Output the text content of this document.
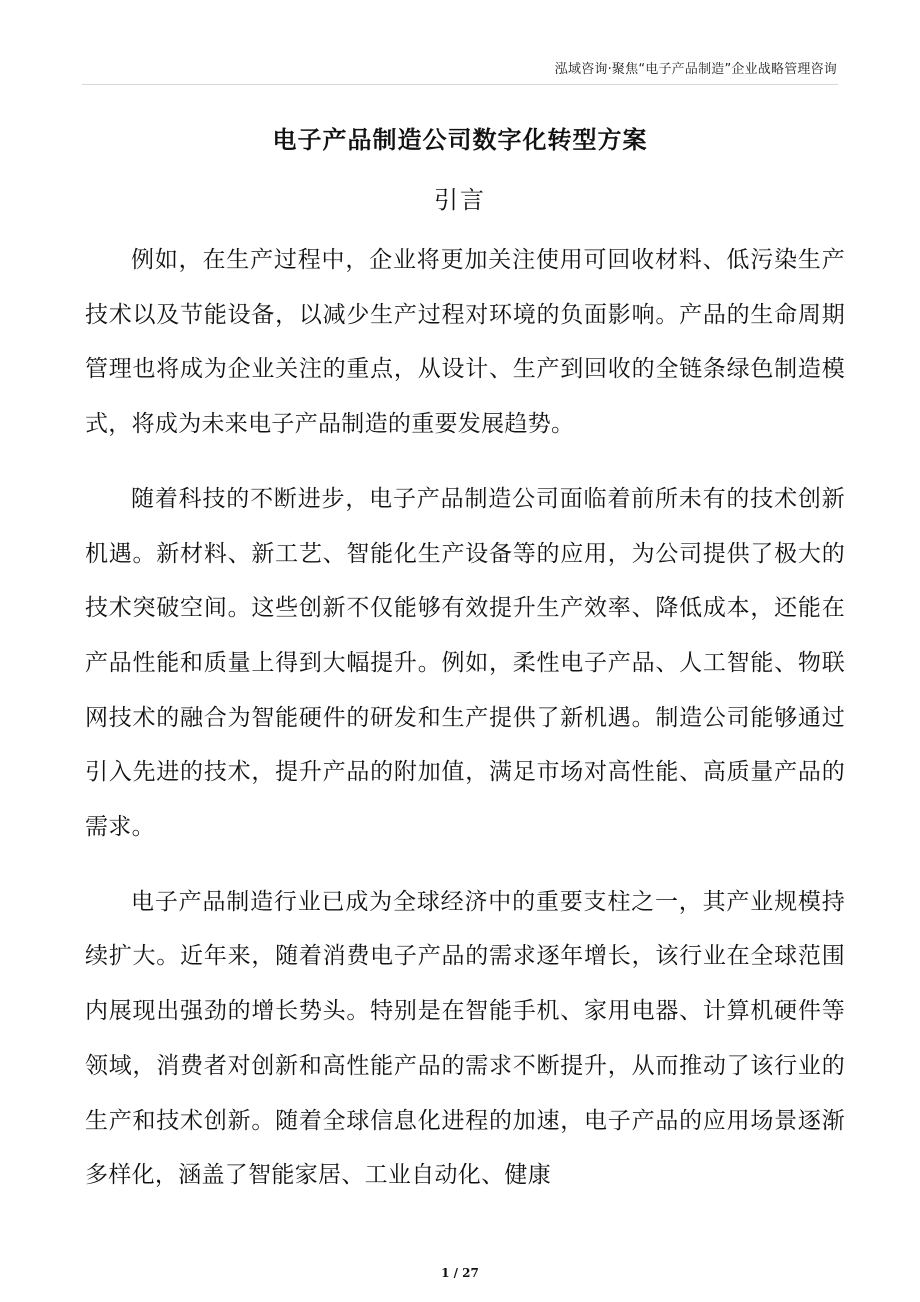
泓域咨询·聚焦“电子产品制造”企业战略管理咨询
电子产品制造公司数字化转型方案
引言

例如，在生产过程中，企业将更加关注使用可回收材料、低污染生产技术以及节能设备，以减少生产过程对环境的负面影响。产品的生命周期管理也将成为企业关注的重点，从设计、生产到回收的全链条绿色制造模式，将成为未来电子产品制造的重要发展趋势。

随着科技的不断进步，电子产品制造公司面临着前所未有的技术创新机遇。新材料、新工艺、智能化生产设备等的应用，为公司提供了极大的技术突破空间。这些创新不仅能够有效提升生产效率、降低成本，还能在产品性能和质量上得到大幅提升。例如，柔性电子产品、人工智能、物联网技术的融合为智能硬件的研发和生产提供了新机遇。制造公司能够通过引入先进的技术，提升产品的附加值，满足市场对高性能、高质量产品的需求。

电子产品制造行业已成为全球经济中的重要支柱之一，其产业规模持续扩大。近年来，随着消费电子产品的需求逐年增长，该行业在全球范围内展现出强劲的增长势头。特别是在智能手机、家用电器、计算机硬件等领域，消费者对创新和高性能产品的需求不断提升，从而推动了该行业的生产和技术创新。随着全球信息化进程的加速，电子产品的应用场景逐渐多样化，涵盖了智能家居、工业自动化、健康

1 / 27
